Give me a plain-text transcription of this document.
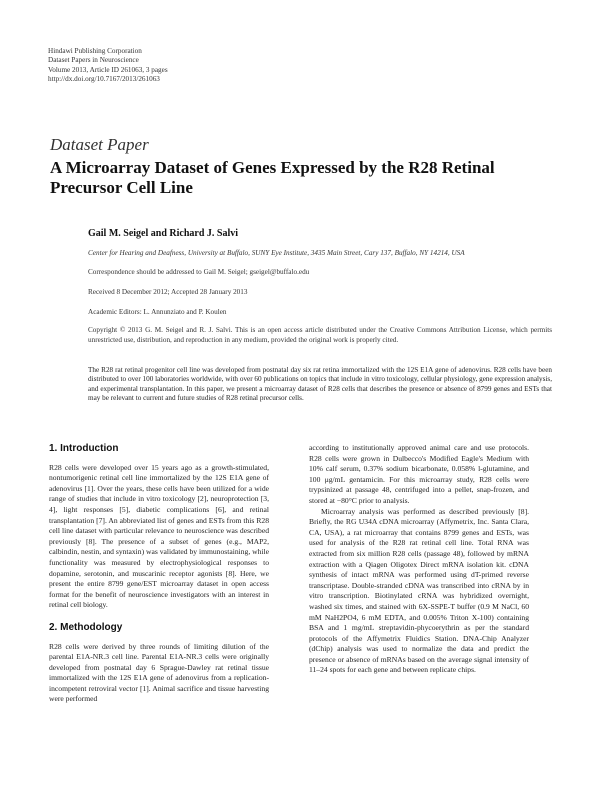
Hindawi Publishing Corporation
Dataset Papers in Neuroscience
Volume 2013, Article ID 261063, 3 pages
http://dx.doi.org/10.7167/2013/261063
Dataset Paper
A Microarray Dataset of Genes Expressed by the R28 Retinal Precursor Cell Line
Gail M. Seigel and Richard J. Salvi
Center for Hearing and Deafness, University at Buffalo, SUNY Eye Institute, 3435 Main Street, Cary 137, Buffalo, NY 14214, USA
Correspondence should be addressed to Gail M. Seigel; gseigel@buffalo.edu
Received 8 December 2012; Accepted 28 January 2013
Academic Editors: L. Annunziato and P. Koulen
Copyright © 2013 G. M. Seigel and R. J. Salvi. This is an open access article distributed under the Creative Commons Attribution License, which permits unrestricted use, distribution, and reproduction in any medium, provided the original work is properly cited.
The R28 rat retinal progenitor cell line was developed from postnatal day six rat retina immortalized with the 12S E1A gene of adenovirus. R28 cells have been distributed to over 100 laboratories worldwide, with over 60 publications on topics that include in vitro toxicology, cellular physiology, gene expression analysis, and experimental transplantation. In this paper, we present a microarray dataset of R28 cells that describes the presence or absence of 8799 genes and ESTs that may be relevant to current and future studies of R28 retinal precursor cells.
1. Introduction

R28 cells were developed over 15 years ago as a growth-stimulated, nontumorigenic retinal cell line immortalized by the 12S E1A gene of adenovirus [1]. Over the years, these cells have been utilized for a wide range of studies that include in vitro toxicology [2], neuroprotection [3, 4], light responses [5], diabetic complications [6], and retinal transplantation [7]. An abbreviated list of genes and ESTs from this R28 cell line dataset with particular relevance to neuroscience was described previously [8]. The presence of a subset of genes (e.g., MAP2, calbindin, nestin, and syntaxin) was validated by immunostaining, while functionality was measured by electrophysiological responses to dopamine, serotonin, and muscarinic receptor agonists [8]. Here, we present the entire 8799 gene/EST microarray dataset in open access format for the benefit of neuroscience investigators with an interest in retinal cell biology.

2. Methodology

R28 cells were derived by three rounds of limiting dilution of the parental E1A-NR.3 cell line. Parental E1A-NR.3 cells were originally developed from postnatal day 6 Sprague-Dawley rat retinal tissue immortalized with the 12S E1A gene of adenovirus from a replication-incompetent retroviral vector [1]. Animal sacrifice and tissue harvesting were performed

according to institutionally approved animal care and use protocols. R28 cells were grown in Dulbecco's Modified Eagle's Medium with 10% calf serum, 0.37% sodium bicarbonate, 0.058% l-glutamine, and 100 μg/mL gentamicin. For this microarray study, R28 cells were trypsinized at passage 48, centrifuged into a pellet, snap-frozen, and stored at −80°C prior to analysis.

Microarray analysis was performed as described previously [8]. Briefly, the RG U34A cDNA microarray (Affymetrix, Inc. Santa Clara, CA, USA), a rat microarray that contains 8799 genes and ESTs, was used for analysis of the R28 rat retinal cell line. Total RNA was extracted from six million R28 cells (passage 48), followed by mRNA extraction with a Qiagen Oligotex Direct mRNA isolation kit. cDNA synthesis of intact mRNA was performed using dT-primed reverse transcriptase. Double-stranded cDNA was transcribed into cRNA by in vitro transcription. Biotinylated cRNA was hybridized overnight, washed six times, and stained with 6X-SSPE-T buffer (0.9 M NaCl, 60 mM NaH2PO4, 6 mM EDTA, and 0.005% Triton X-100) containing BSA and 1 mg/mL streptavidin-phycoerythrin as per the standard protocols of the Affymetrix Fluidics Station. DNA-Chip Analyzer (dChip) analysis was used to normalize the data and predict the presence or absence of mRNAs based on the average signal intensity of 11–24 spots for each gene and between replicate chips.
